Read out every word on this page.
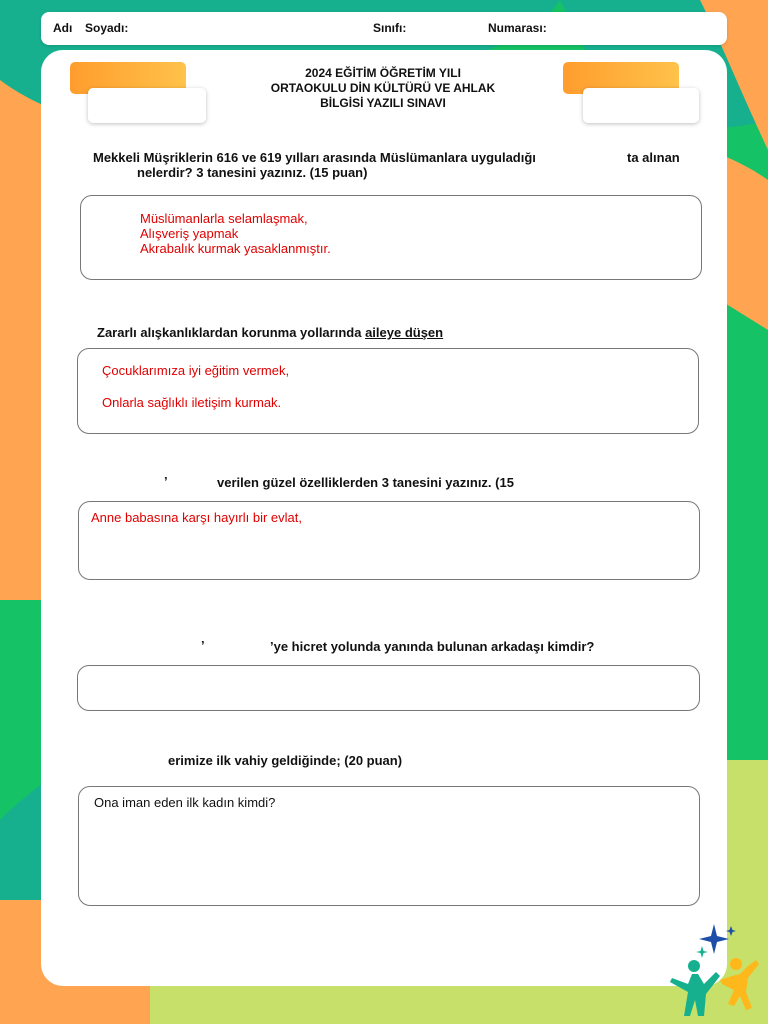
Adı Soyadı:	Sınıfı:	Numarası:
2024 EĞİTİM ÖĞRETİM YILI
ORTAOKULU DİN KÜLTÜRÜ VE AHLAK
BİLGİSİ YAZILI SINAVI
Mekkeli Müşriklerin 616 ve 619 yılları arasında Müslümanlara uyguladığı	ta alınan
nelerdir? 3 tanesini yazınız. (15 puan)
Müslümanlarla selamlaşmak,
Alışveriş yapmak
Akrabalık kurmak yasaklanmıştır.
Zararlı alışkanlıklardan korunma yollarında aileye düşen
Çocuklarımıza iyi eğitim vermek,
Onlarla sağlıklı iletişim kurmak.
’	verilen güzel özelliklerden 3 tanesini yazınız. (15
Anne babasına karşı hayırlı bir evlat,
’	’ye hicret yolunda yanında bulunan arkadaşı kimdir?
erimize ilk vahiy geldiğinde; (20 puan)
Ona iman eden ilk kadın kimdi?
